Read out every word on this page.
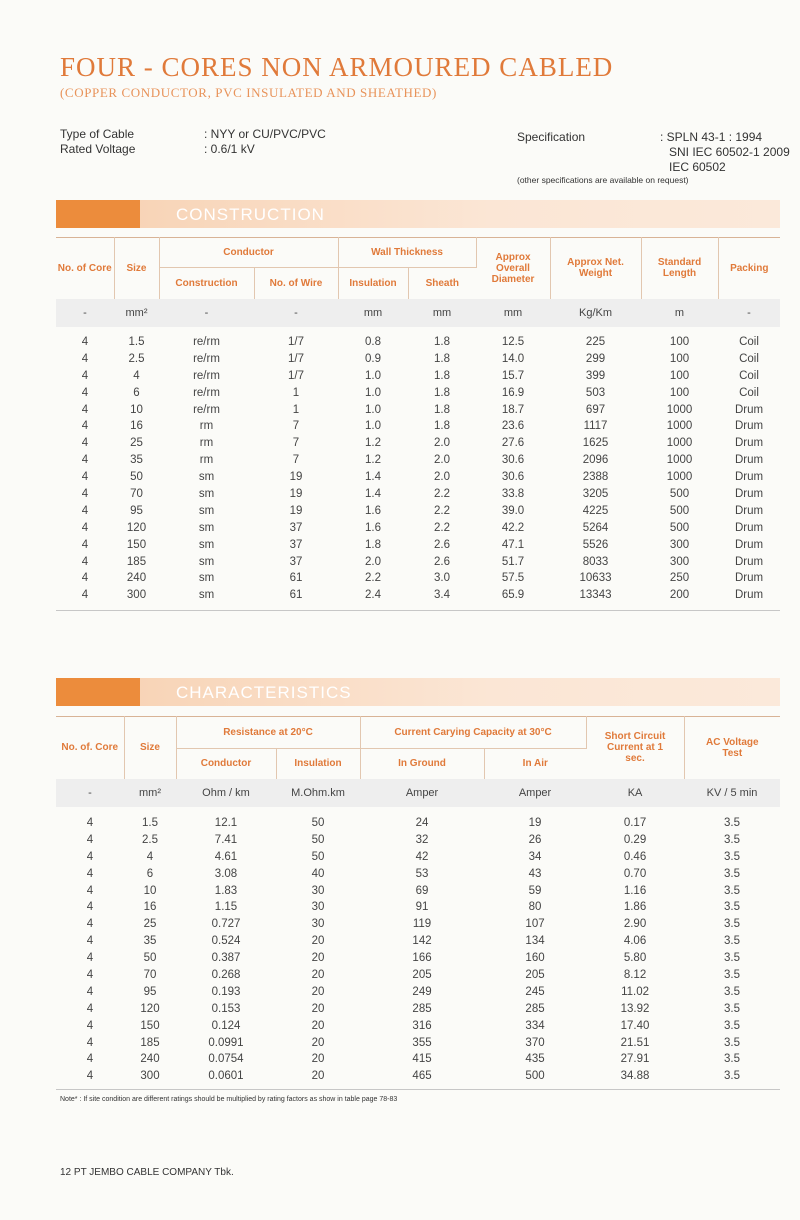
FOUR - CORES NON ARMOURED CABLED
(COPPER CONDUCTOR, PVC INSULATED AND SHEATHED)
Type of Cable	: NYY or CU/PVC/PVC
Rated Voltage	: 0.6/1 kV
Specification	: SPLN 43-1 : 1994
SNI IEC 60502-1 2009
IEC 60502
(other specifications are available on request)
CONSTRUCTION
No. of Core	Size	Conductor		Wall Thickness		Approx Overall Diameter	Approx Net. Weight	Standard Length	Packing
		Construction	No. of Wire	Insulation	Sheath				
-	mm²	-	-	mm	mm	mm	Kg/Km	m	-

4	1.5	re/rm	1/7	0.8	1.8	12.5	225	100	Coil
4	2.5	re/rm	1/7	0.9	1.8	14.0	299	100	Coil
4	4	re/rm	1/7	1.0	1.8	15.7	399	100	Coil
4	6	re/rm	1	1.0	1.8	16.9	503	100	Coil
4	10	re/rm	1	1.0	1.8	18.7	697	1000	Drum
4	16	rm	7	1.0	1.8	23.6	1117	1000	Drum
4	25	rm	7	1.2	2.0	27.6	1625	1000	Drum
4	35	rm	7	1.2	2.0	30.6	2096	1000	Drum
4	50	sm	19	1.4	2.0	30.6	2388	1000	Drum
4	70	sm	19	1.4	2.2	33.8	3205	500	Drum
4	95	sm	19	1.6	2.2	39.0	4225	500	Drum
4	120	sm	37	1.6	2.2	42.2	5264	500	Drum
4	150	sm	37	1.8	2.6	47.1	5526	300	Drum
4	185	sm	37	2.0	2.6	51.7	8033	300	Drum
4	240	sm	61	2.2	3.0	57.5	10633	250	Drum
4	300	sm	61	2.4	3.4	65.9	13343	200	Drum
CHARACTERISTICS
No. of. Core	Size	Resistance at 20°C		Current Carying Capacity at 30°C		Short Circuit Current at 1 sec.	AC Voltage Test
		Conductor	Insulation	In Ground	In Air		
-	mm²	Ohm / km	M.Ohm.km	Amper	Amper	KA	KV / 5 min

4	1.5	12.1	50	24	19	0.17	3.5
4	2.5	7.41	50	32	26	0.29	3.5
4	4	4.61	50	42	34	0.46	3.5
4	6	3.08	40	53	43	0.70	3.5
4	10	1.83	30	69	59	1.16	3.5
4	16	1.15	30	91	80	1.86	3.5
4	25	0.727	30	119	107	2.90	3.5
4	35	0.524	20	142	134	4.06	3.5
4	50	0.387	20	166	160	5.80	3.5
4	70	0.268	20	205	205	8.12	3.5
4	95	0.193	20	249	245	11.02	3.5
4	120	0.153	20	285	285	13.92	3.5
4	150	0.124	20	316	334	17.40	3.5
4	185	0.0991	20	355	370	21.51	3.5
4	240	0.0754	20	415	435	27.91	3.5
4	300	0.0601	20	465	500	34.88	3.5
Note* : If site condition are different ratings should be multiplied by rating factors as show in table page 78-83
12 PT JEMBO CABLE COMPANY Tbk.
